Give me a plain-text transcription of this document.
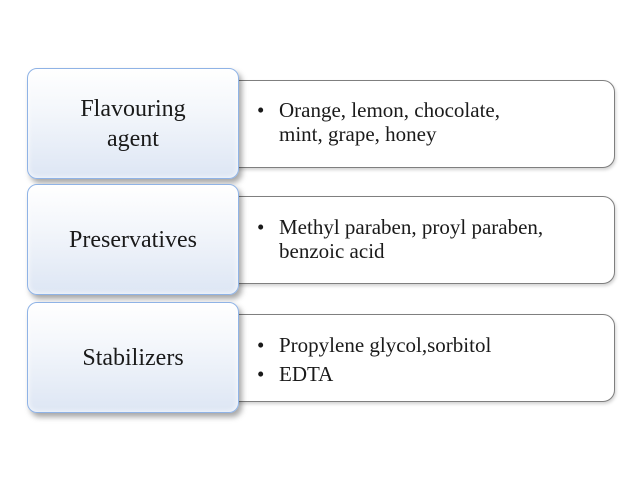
• Orange, lemon, chocolate,
mint, grape, honey
Flavouring
agent
• Methyl paraben, proyl paraben,
benzoic acid
Preservatives
• Propylene glycol,sorbitol
• EDTA
Stabilizers
